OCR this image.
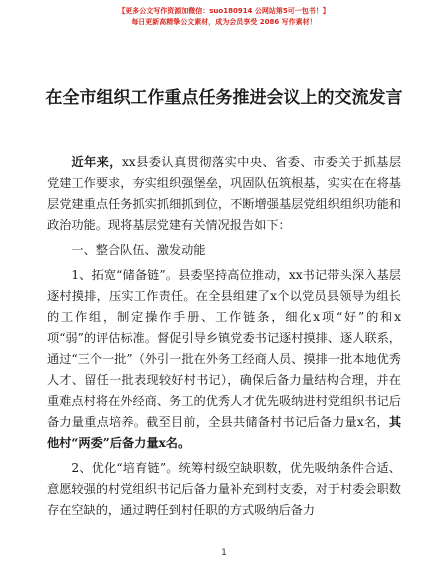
【更多公文写作资源加微信：suo180914 公网站第5可一包书！】
每日更新高精挚公文素材，成为会员享受 2086 写作素材！
在全市组织工作重点任务推进会议上的交流发言

近年来，xx县委认真贯彻落实中央、省委、市委关于抓基层党建工作要求，夯实组织强堡垒，巩固队伍筑根基，实实在在将基层党建重点任务抓实抓细抓到位，不断增强基层党组织组织功能和政治功能。现将基层党建有关情况报告如下：

一、整合队伍、激发动能

1、拓宽“储备链”。县委坚持高位推动，xx书记带头深入基层逐村摸排，压实工作责任。在全县组建了x个以党员县领导为组长的工作组，制定操作手册、工作链条，细化x项“好”的和x项“弱”的评估标准。督促引导乡镇党委书记逐村摸排、逐人联系，通过“三个一批”（外引一批在外务工经商人员、摸排一批本地优秀人才、留任一批表现较好村书记），确保后备力量结构合理，并在重难点村将在外经商、务工的优秀人才优先吸纳进村党组织书记后备力量重点培养。截至目前，全县共储备村书记后备力量x名，其他村“两委”后备力量x名。

2、优化“培育链”。统筹村级空缺职数，优先吸纳条件合适、意愿较强的村党组织书记后备力量补充到村支委，对于村委会职数存在空缺的，通过聘任到村任职的方式吸纳后备力

1
